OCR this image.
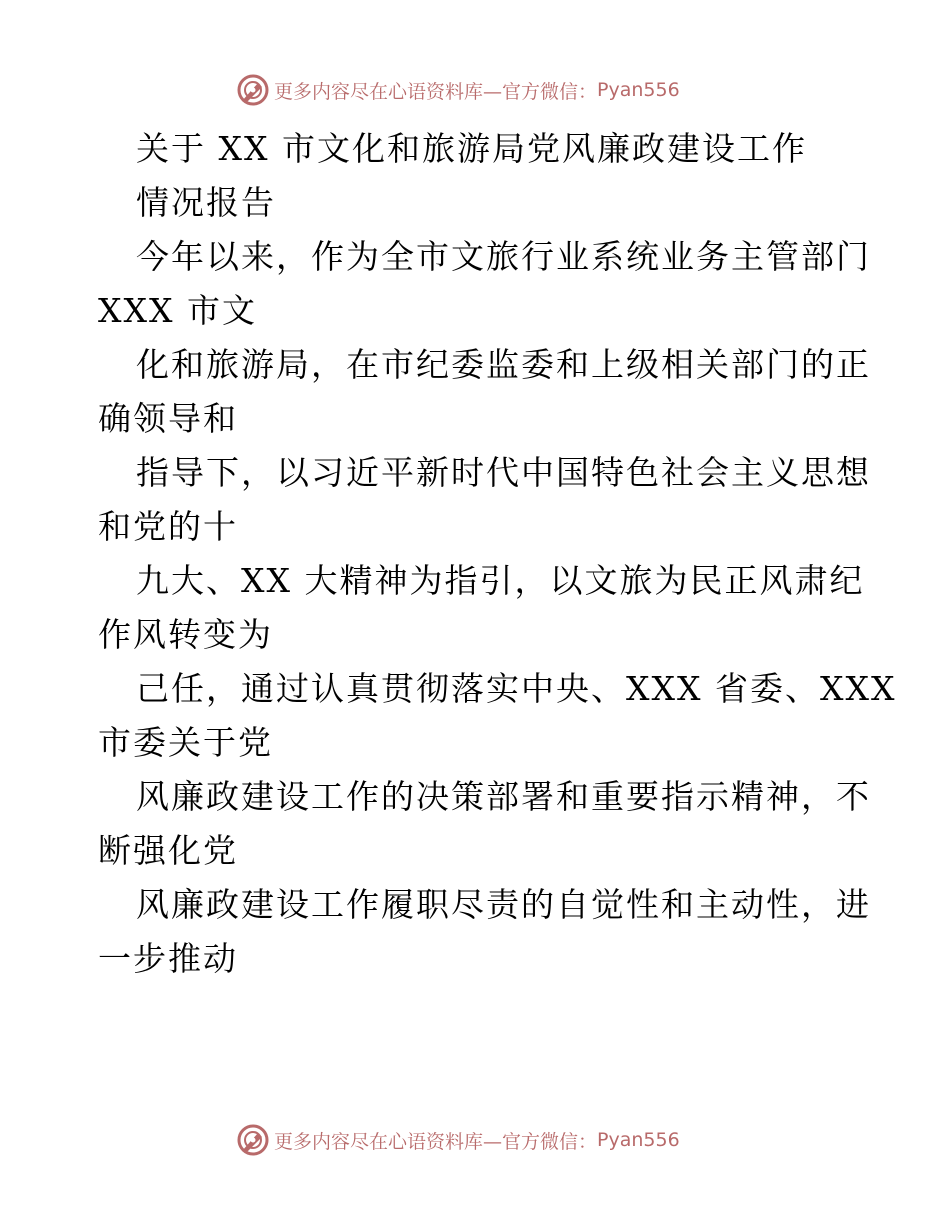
更多内容尽在心语资料库—官方微信： Pyan556
关于 XX 市文化和旅游局党风廉政建设工作
情况报告
今年以来，作为全市文旅行业系统业务主管部门
XXX 市文
化和旅游局，在市纪委监委和上级相关部门的正
确领导和
指导下，以习近平新时代中国特色社会主义思想
和党的十
九大、XX 大精神为指引，以文旅为民正风肃纪
作风转变为
己任，通过认真贯彻落实中央、XXX 省委、XXX
市委关于党
风廉政建设工作的决策部署和重要指示精神，不
断强化党
风廉政建设工作履职尽责的自觉性和主动性，进
一步推动
更多内容尽在心语资料库—官方微信： Pyan556
